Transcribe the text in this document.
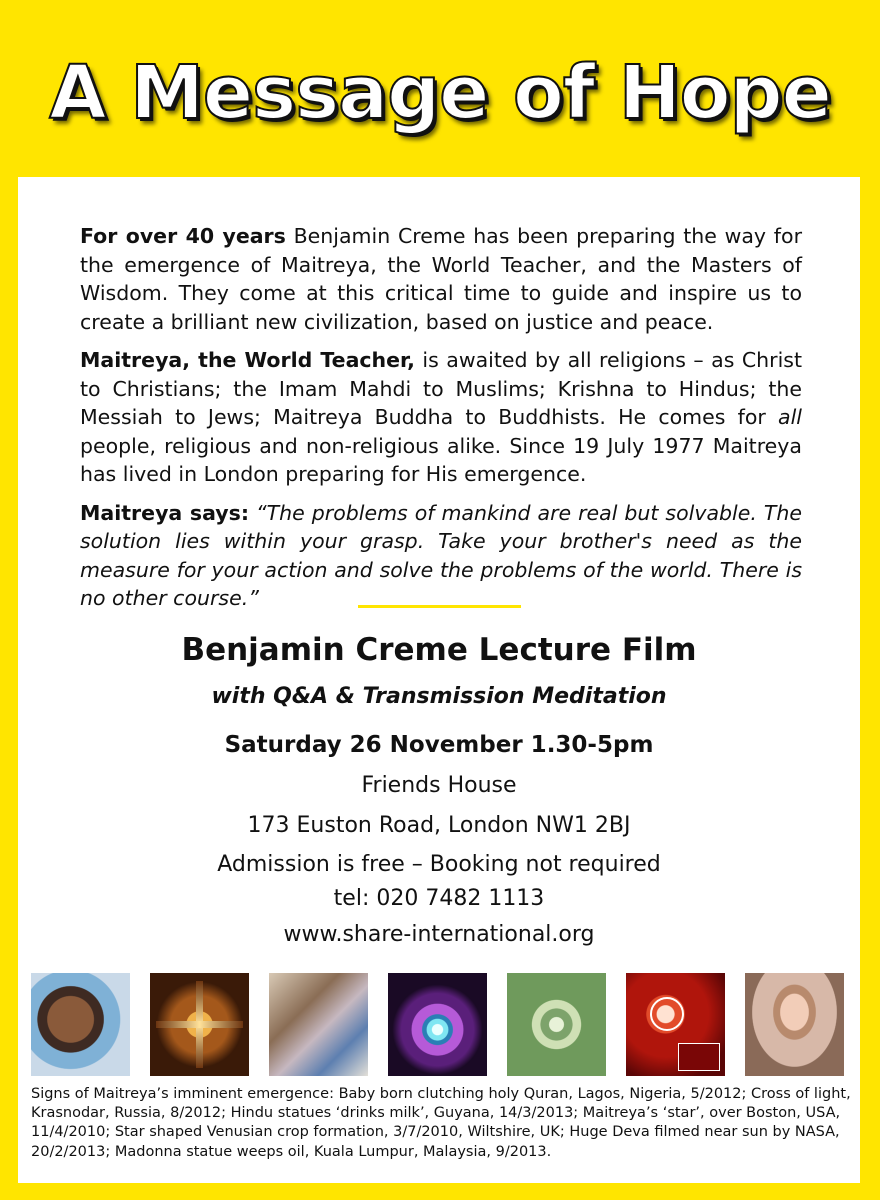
A Message of Hope

For over 40 years Benjamin Creme has been preparing the way for the emergence of Maitreya, the World Teacher, and the Masters of Wisdom. They come at this critical time to guide and inspire us to create a brilliant new civilization, based on justice and peace.

Maitreya, the World Teacher, is awaited by all religions – as Christ to Christians; the Imam Mahdi to Muslims; Krishna to Hindus; the Messiah to Jews; Maitreya Buddha to Buddhists. He comes for all people, religious and non-religious alike. Since 19 July 1977 Maitreya has lived in London preparing for His emergence.

Maitreya says: “The problems of mankind are real but solvable. The solution lies within your grasp. Take your brother's need as the measure for your action and solve the problems of the world. There is no other course.”

Benjamin Creme Lecture Film
with Q&A & Transmission Meditation
Saturday 26 November 1.30-5pm
Friends House
173 Euston Road, London NW1 2BJ
Admission is free – Booking not required
tel: 020 7482 1113
www.share-international.org
Signs of Maitreya’s imminent emergence: Baby born clutching holy Quran, Lagos, Nigeria, 5/2012; Cross of light, Krasnodar, Russia, 8/2012; Hindu statues ‘drinks milk’, Guyana, 14/3/2013; Maitreya’s ‘star’, over Boston, USA, 11/4/2010; Star shaped Venusian crop formation, 3/7/2010, Wiltshire, UK; Huge Deva filmed near sun by NASA, 20/2/2013; Madonna statue weeps oil, Kuala Lumpur, Malaysia, 9/2013.
